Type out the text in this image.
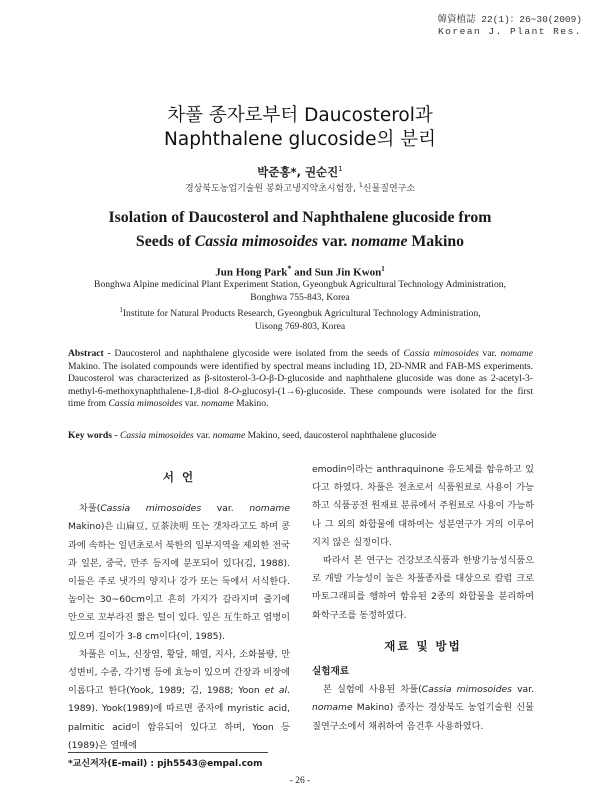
韓資植誌 22(1)：26~30(2009)
Korean J. Plant Res.
차풀 종자로부터 Daucosterol과
Naphthalene glucoside의 분리
박준홍*, 권순진$^1$
경상북도농업기술원 봉화고냉지약초시험장, $^1$신물질연구소
Isolation of Daucosterol and Naphthalene glucoside from
Seeds of Cassia mimosoides var. nomame Makino
Jun Hong Park* and Sun Jin Kwon$^1$
Bonghwa Alpine medicinal Plant Experiment Station, Gyeongbuk Agricultural Technology Administration,
Bonghwa 755-843, Korea
$^1$Institute for Natural Products Research, Gyeongbuk Agricultural Technology Administration,
Uisong 769-803, Korea
Abstract - Daucosterol and naphthalene glycoside were isolated from the seeds of Cassia mimosoides var. nomame Makino. The isolated compounds were identified by spectral means including 1D, 2D-NMR and FAB-MS experiments. Daucosterol was characterized as β-sitosterol-3-O-β-D-glucoside and naphthalene glucoside was done as 2-acetyl-3-methyl-6-methoxynaphthalene-1,8-diol 8-O-glucosyl-(1→6)-glucoside. These compounds were isolated for the first time from Cassia mimosoides var. nomame Makino.
Key words - Cassia mimosoides var. nomame Makino, seed, daucosterol naphthalene glucoside
서 언

차풀(Cassia mimosoides var. nomame Makino)은 山扁豆, 豆茶決明 또는 갯차라고도 하며 콩과에 속하는 일년초로서 북한의 일부지역을 제외한 전국과 일본, 중국, 만주 등지에 분포되어 있다(김, 1988). 이들은 주로 냇가의 양지나 강가 또는 둑에서 서식한다. 높이는 30~60cm이고 흔히 가지가 갈라지며 줄기에 안으로 꼬부라진 짧은 털이 있다. 잎은 互生하고 엽병이 있으며 길이가 3-8 cm이다(이, 1985).

차풀은 이뇨, 신장염, 황달, 해열, 지사, 소화불량, 만성변비, 수종, 각기병 등에 효능이 있으며 간장과 비장에 이롭다고 한다(Yook, 1989; 김, 1988; Yoon et al. 1989). Yook(1989)에 따르면 종자에 myristic acid, palmitic acid이 함유되어 있다고 하며, Yoon 등(1989)은 열매에

emodin이라는 anthraquinone 유도체를 함유하고 있다고 하였다. 차풀은 전초로서 식품원료로 사용이 가능하고 식품공전 원재료 분류에서 주원료로 사용이 가능하나 그 외의 화합물에 대하여는 성분연구가 거의 이루어지지 않은 실정이다.

따라서 본 연구는 건강보조식품과 한방기능성식품으로 개발 가능성이 높은 차풀종자를 대상으로 칼럼 크로마토그래피를 행하여 함유된 2종의 화합물을 분리하여 화학구조를 동정하였다.

재료 및 방법
실험재료

본 실험에 사용된 차풀(Cassia mimosoides var. nomame Makino) 종자는 경상북도 농업기술원 신물질연구소에서 채취하여 음건후 사용하였다.

*교신저자(E-mail) : pjh5543@empal.com
- 26 -
